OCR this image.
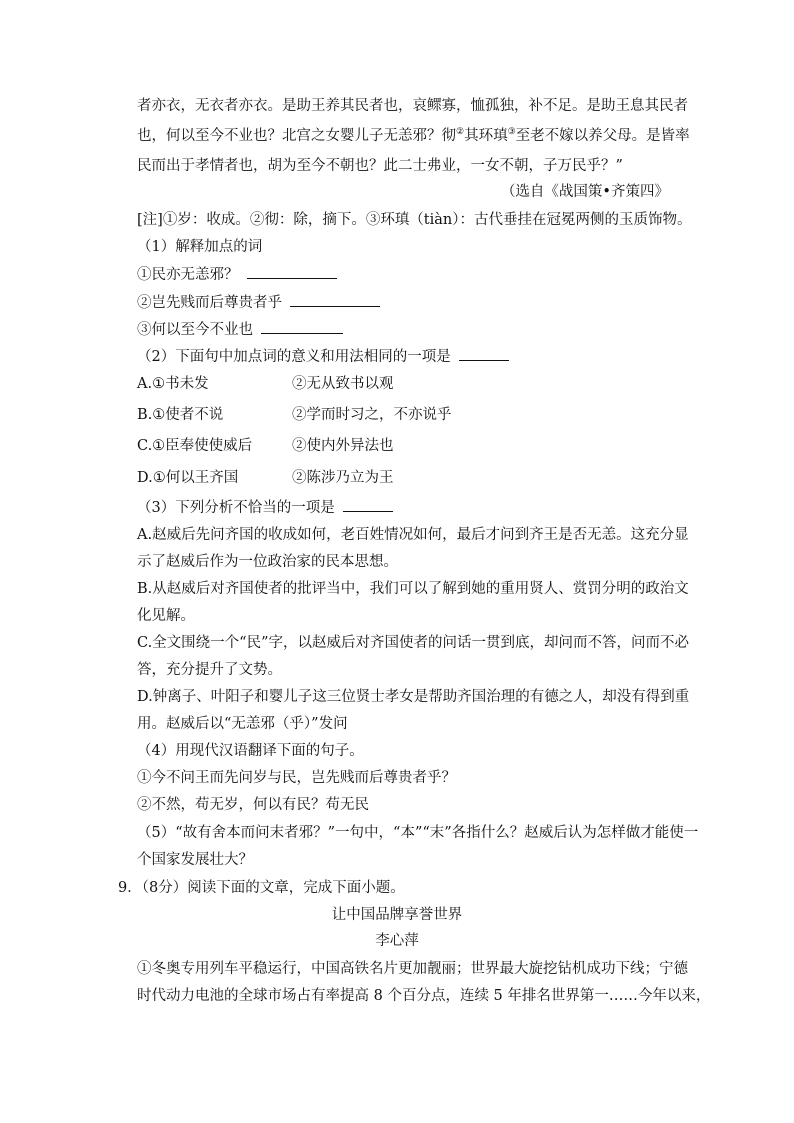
者亦衣，无衣者亦衣。是助王养其民者也，哀鳏寡，恤孤独，补不足。是助王息其民者
也，何以至今不业也？北宫之女婴儿子无恙邪？彻②其环瑱③至老不嫁以养父母。是皆率
民而出于孝情者也，胡为至今不朝也？此二士弗业，一女不朝，子万民乎？”
（选自《战国策•齐策四》
[注]①岁：收成。②彻：除，摘下。③环瑱（tiàn）：古代垂挂在冠冕两侧的玉质饰物。
（1）解释加点的词
①民亦无恙邪？
②岂先贱而后尊贵者乎
③何以至今不业也
（2）下面句中加点词的意义和用法相同的一项是
A.①书未发	②无从致书以观
B.①使者不说	②学而时习之，不亦说乎
C.①臣奉使使威后	②使内外异法也
D.①何以王齐国	②陈涉乃立为王
（3）下列分析不恰当的一项是
A.赵威后先问齐国的收成如何，老百姓情况如何，最后才问到齐王是否无恙。这充分显
示了赵威后作为一位政治家的民本思想。
B.从赵威后对齐国使者的批评当中，我们可以了解到她的重用贤人、赏罚分明的政治文
化见解。
C.全文围绕一个“民”字，以赵威后对齐国使者的问话一贯到底，却问而不答，问而不必
答，充分提升了文势。
D.钟离子、叶阳子和婴儿子这三位贤士孝女是帮助齐国治理的有德之人，却没有得到重
用。赵威后以“无恙邪（乎）”发问
（4）用现代汉语翻译下面的句子。
①今不问王而先问岁与民，岂先贱而后尊贵者乎？
②不然，苟无岁，何以有民？苟无民
（5）“故有舍本而问末者邪？”一句中，“本”“末”各指什么？赵威后认为怎样做才能使一
个国家发展壮大？
9．（8分）阅读下面的文章，完成下面小题。
让中国品牌享誉世界
李心萍
①冬奥专用列车平稳运行，中国高铁名片更加靓丽；世界最大旋挖钻机成功下线；宁德
时代动力电池的全球市场占有率提高 8 个百分点，连续 5 年排名世界第一……今年以来，
